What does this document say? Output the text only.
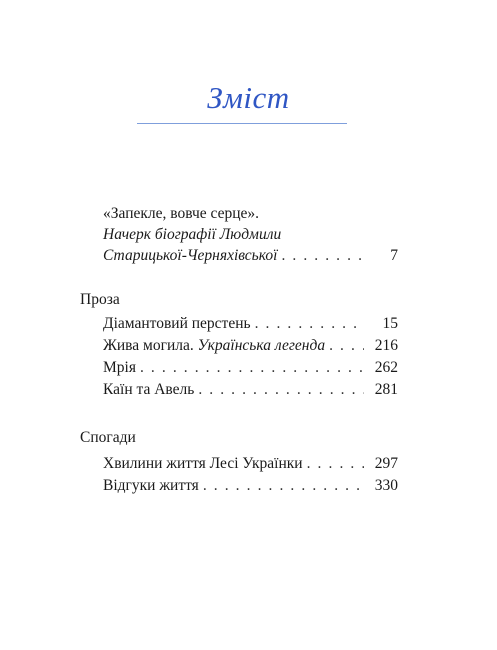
Зміст
«Запекле, вовче серце».
Начерк біографії Людмили
Старицької-Черняхівської . . .	7
Проза
Діамантовий перстень . . .	15
Жива могила.
Українська легенда . . .	216
Мрія . . .	262
Каїн та Авель . . .	281
Спогади
Хвилини життя Лесі Українки . . .	297
Відгуки життя . . .	330
